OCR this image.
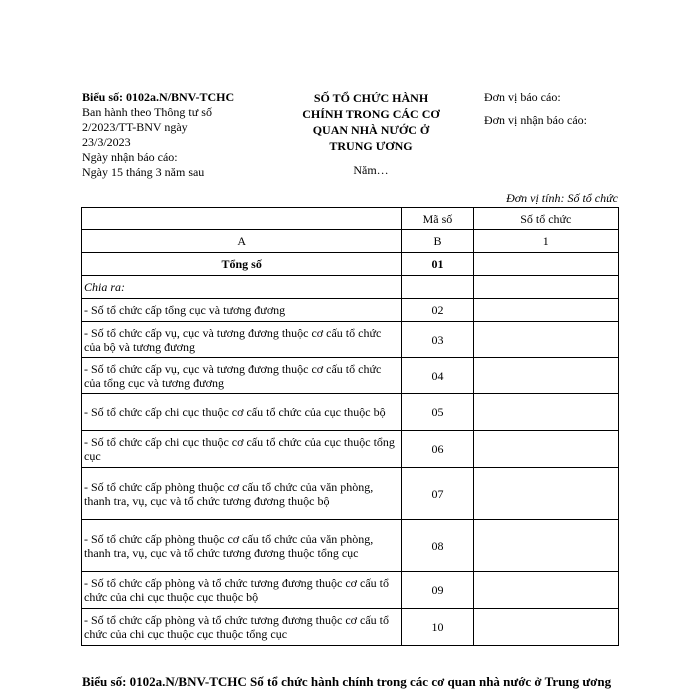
Biểu số: 0102a.N/BNV-TCHC
Ban hành theo Thông tư số
2/2023/TT-BNV ngày
23/3/2023
Ngày nhận báo cáo:
Ngày 15 tháng 3 năm sau
SỐ TỔ CHỨC HÀNH
CHÍNH TRONG CÁC CƠ
QUAN NHÀ NƯỚC Ở
TRUNG ƯƠNG
Năm…
Đơn vị báo cáo:
Đơn vị nhận báo cáo:
Đơn vị tính: Số tổ chức
	Mã số	Số tổ chức
A	B	1
Tổng số	01	
Chia ra:		
- Số tổ chức cấp tổng cục và tương đương	02	
- Số tổ chức cấp vụ, cục và tương đương thuộc cơ cấu tổ chức của bộ và tương đương	03	
- Số tổ chức cấp vụ, cục và tương đương thuộc cơ cấu tổ chức của tổng cục và tương đương	04	
- Số tổ chức cấp chi cục thuộc cơ cấu tổ chức của cục thuộc bộ	05	
- Số tổ chức cấp chi cục thuộc cơ cấu tổ chức của cục thuộc tổng cục	06	
- Số tổ chức cấp phòng thuộc cơ cấu tổ chức của văn phòng, thanh tra, vụ, cục và tổ chức tương đương thuộc bộ	07	
- Số tổ chức cấp phòng thuộc cơ cấu tổ chức của văn phòng, thanh tra, vụ, cục và tổ chức tương đương thuộc tổng cục	08	
- Số tổ chức cấp phòng và tổ chức tương đương thuộc cơ cấu tổ chức của chi cục thuộc cục thuộc bộ	09	
- Số tổ chức cấp phòng và tổ chức tương đương thuộc cơ cấu tổ chức của chi cục thuộc cục thuộc tổng cục	10	
Biểu số: 0102a.N/BNV-TCHC Số tổ chức hành chính trong các cơ quan nhà nước ở Trung ương
